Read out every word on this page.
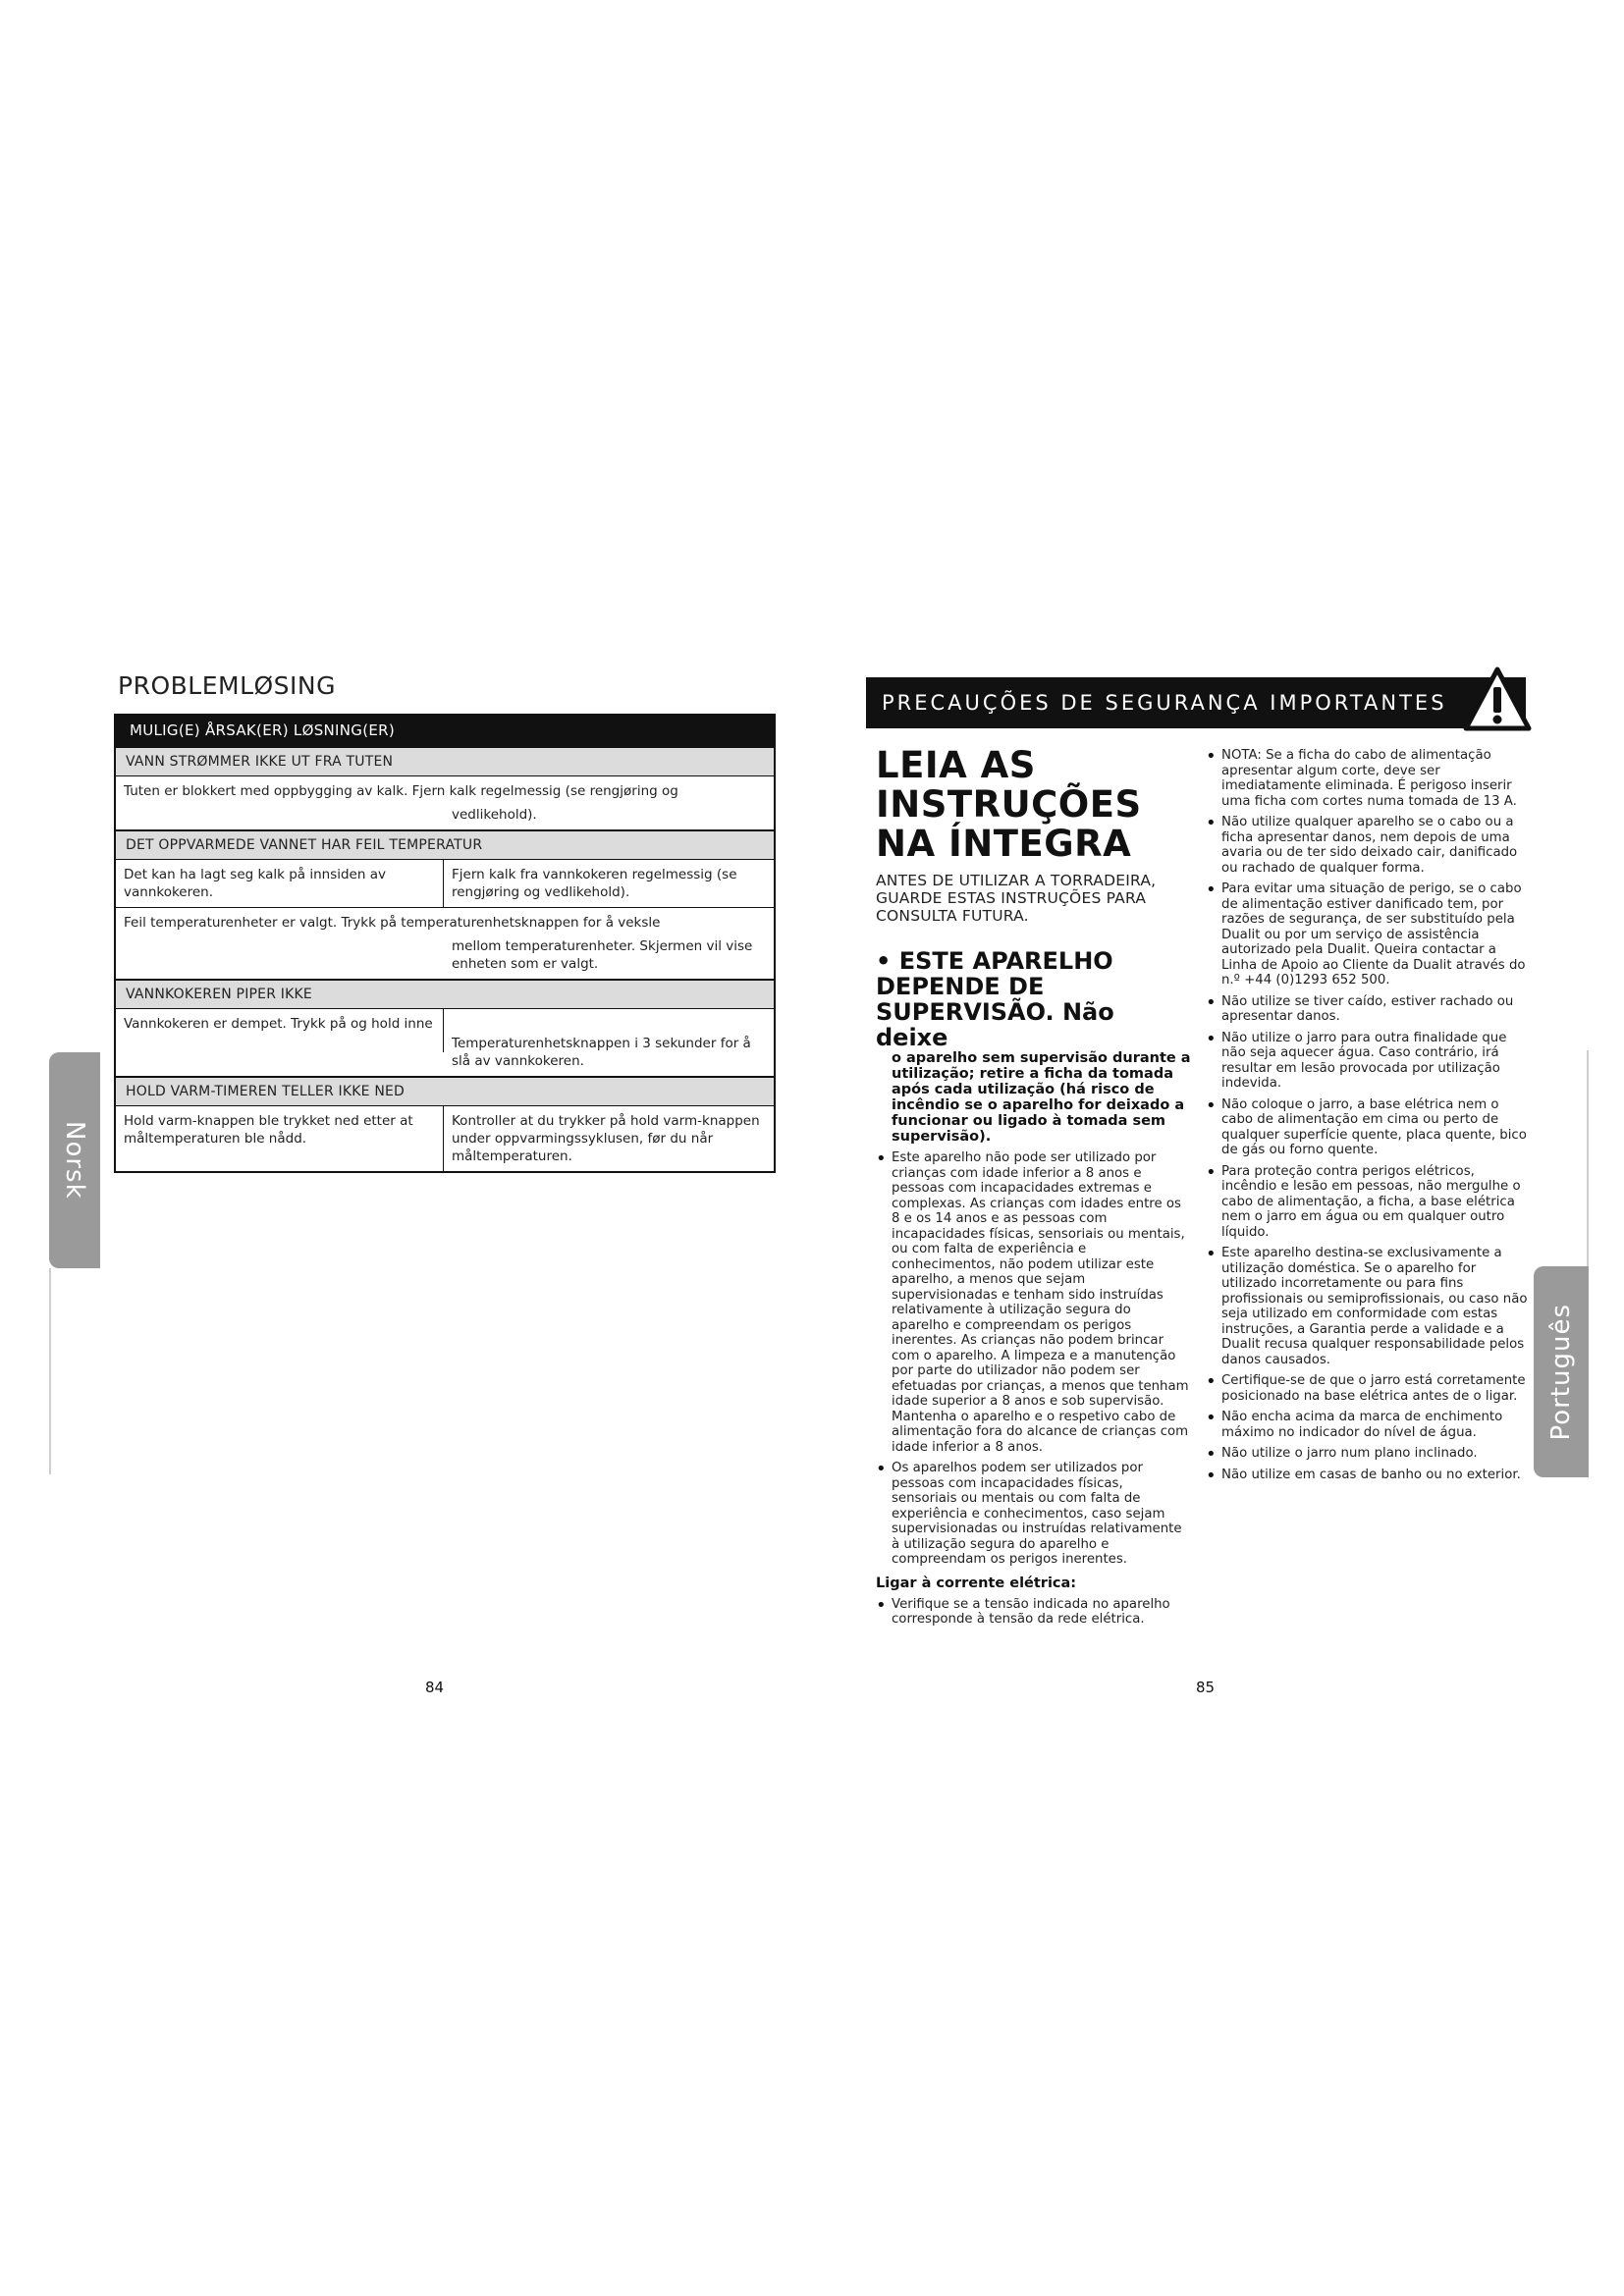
PROBLEMLØSING
MULIG(E) ÅRSAK(ER) LØSNING(ER)
VANN STRØMMER IKKE UT FRA TUTEN
Tuten er blokkert med oppbygging av kalk. Fjern kalk regelmessig (se rengjøring og
vedlikehold).
DET OPPVARMEDE VANNET HAR FEIL TEMPERATUR
Det kan ha lagt seg kalk på innsiden av vannkokeren.
Fjern kalk fra vannkokeren regelmessig (se rengjøring og vedlikehold).
Feil temperaturenheter er valgt. Trykk på temperaturenhetsknappen for å veksle
mellom temperaturenheter. Skjermen vil vise enheten som er valgt.
VANNKOKEREN PIPER IKKE
Vannkokeren er dempet. Trykk på og hold inne
Temperaturenhetsknappen i 3 sekunder for å slå av vannkokeren.
HOLD VARM-TIMEREN TELLER IKKE NED
Hold varm-knappen ble trykket ned etter at måltemperaturen ble nådd.
Kontroller at du trykker på hold varm-knappen under oppvarmingssyklusen, før du når måltemperaturen.
Norsk
84
PRECAUÇÕES DE SEGURANÇA IMPORTANTES
LEIA AS
INSTRUÇÕES
NA ÍNTEGRA
ANTES DE UTILIZAR A TORRADEIRA, GUARDE ESTAS INSTRUÇÕES PARA CONSULTA FUTURA.
• ESTE APARELHO DEPENDE DE SUPERVISÃO. Não deixe
o aparelho sem supervisão durante a utilização; retire a ficha da tomada após cada utilização (há risco de incêndio se o aparelho for deixado a funcionar ou ligado à tomada sem supervisão).
• Este aparelho não pode ser utilizado por crianças com idade inferior a 8 anos e pessoas com incapacidades extremas e complexas. As crianças com idades entre os 8 e os 14 anos e as pessoas com incapacidades físicas, sensoriais ou mentais, ou com falta de experiência e conhecimentos, não podem utilizar este aparelho, a menos que sejam supervisionadas e tenham sido instruídas relativamente à utilização segura do aparelho e compreendam os perigos inerentes. As crianças não podem brincar com o aparelho. A limpeza e a manutenção por parte do utilizador não podem ser efetuadas por crianças, a menos que tenham idade superior a 8 anos e sob supervisão. Mantenha o aparelho e o respetivo cabo de alimentação fora do alcance de crianças com idade inferior a 8 anos.
• Os aparelhos podem ser utilizados por pessoas com incapacidades físicas, sensoriais ou mentais ou com falta de experiência e conhecimentos, caso sejam supervisionadas ou instruídas relativamente à utilização segura do aparelho e compreendam os perigos inerentes.
Ligar à corrente elétrica:
• Verifique se a tensão indicada no aparelho corresponde à tensão da rede elétrica.
• NOTA: Se a ficha do cabo de alimentação apresentar algum corte, deve ser imediatamente eliminada. É perigoso inserir uma ficha com cortes numa tomada de 13 A.
• Não utilize qualquer aparelho se o cabo ou a ficha apresentar danos, nem depois de uma avaria ou de ter sido deixado cair, danificado ou rachado de qualquer forma.
• Para evitar uma situação de perigo, se o cabo de alimentação estiver danificado tem, por razões de segurança, de ser substituído pela Dualit ou por um serviço de assistência autorizado pela Dualit. Queira contactar a Linha de Apoio ao Cliente da Dualit através do n.º +44 (0)1293 652 500.
• Não utilize se tiver caído, estiver rachado ou apresentar danos.
• Não utilize o jarro para outra finalidade que não seja aquecer água. Caso contrário, irá resultar em lesão provocada por utilização indevida.
• Não coloque o jarro, a base elétrica nem o cabo de alimentação em cima ou perto de qualquer superfície quente, placa quente, bico de gás ou forno quente.
• Para proteção contra perigos elétricos, incêndio e lesão em pessoas, não mergulhe o cabo de alimentação, a ficha, a base elétrica nem o jarro em água ou em qualquer outro líquido.
• Este aparelho destina-se exclusivamente a utilização doméstica. Se o aparelho for utilizado incorretamente ou para fins profissionais ou semiprofissionais, ou caso não seja utilizado em conformidade com estas instruções, a Garantia perde a validade e a Dualit recusa qualquer responsabilidade pelos danos causados.
• Certifique-se de que o jarro está corretamente posicionado na base elétrica antes de o ligar.
• Não encha acima da marca de enchimento máximo no indicador do nível de água.
• Não utilize o jarro num plano inclinado.
• Não utilize em casas de banho ou no exterior.
Português
85
